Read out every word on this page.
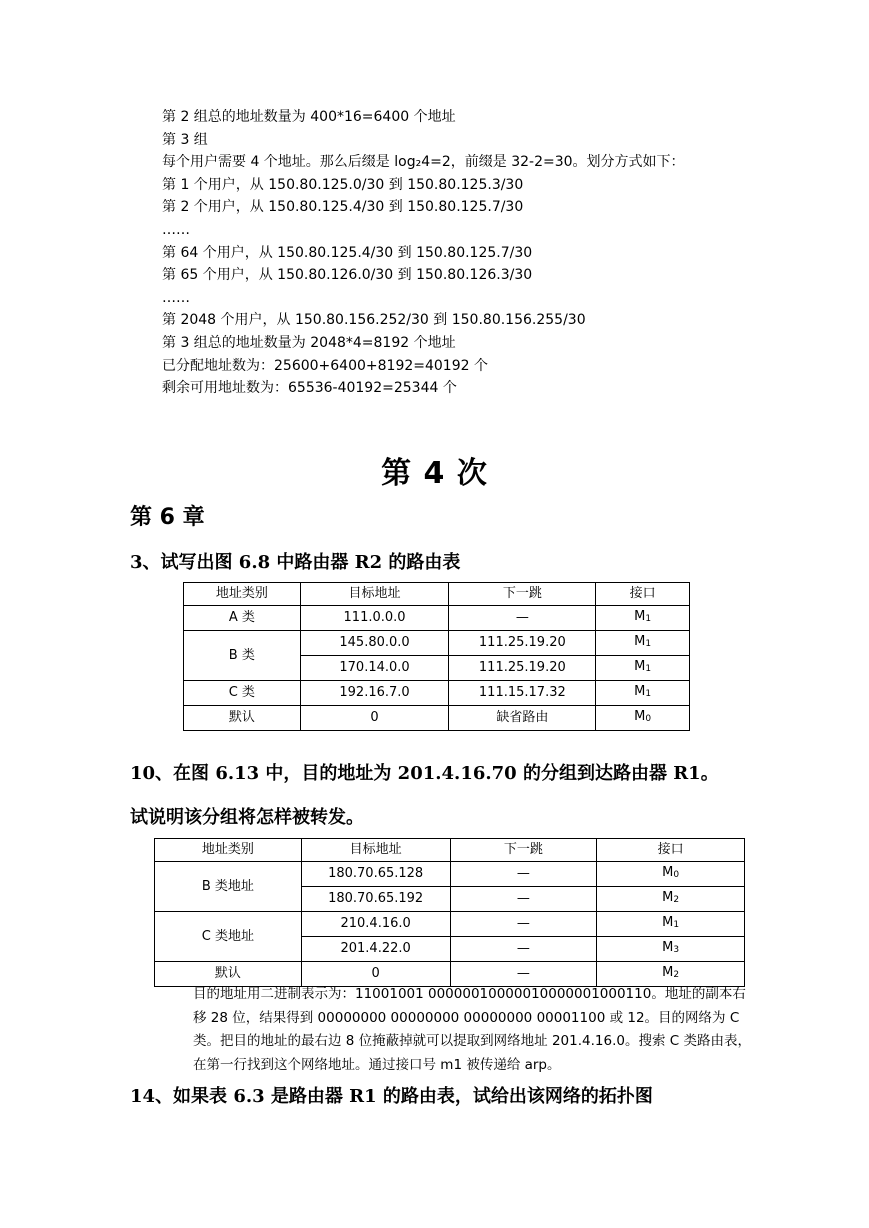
第 2 组总的地址数量为 400*16=6400 个地址
第 3 组
每个用户需要 4 个地址。那么后缀是 log₂4=2，前缀是 32-2=30。划分方式如下：
第 1 个用户，从 150.80.125.0/30 到 150.80.125.3/30
第 2 个用户，从 150.80.125.4/30 到 150.80.125.7/30
……
第 64 个用户，从 150.80.125.4/30 到 150.80.125.7/30
第 65 个用户，从 150.80.126.0/30 到 150.80.126.3/30
……
第 2048 个用户，从 150.80.156.252/30 到 150.80.156.255/30
第 3 组总的地址数量为 2048*4=8192 个地址
已分配地址数为：25600+6400+8192=40192 个
剩余可用地址数为：65536-40192=25344 个
第 4 次
第 6 章
3、试写出图 6.8 中路由器 R2 的路由表
地址类别	目标地址	下一跳	接口
A 类	111.0.0.0	—	M1
B 类	145.80.0.0	111.25.19.20	M1
	170.14.0.0	111.25.19.20	M1
C 类	192.16.7.0	111.15.17.32	M1
默认	0	缺省路由	M0
10、在图 6.13 中，目的地址为 201.4.16.70 的分组到达路由器 R1。
试说明该分组将怎样被转发。
地址类别	目标地址	下一跳	接口
B 类地址	180.70.65.128	—	M0
	180.70.65.192	—	M2
C 类地址	210.4.16.0	—	M1
	201.4.22.0	—	M3
默认	0	—	M2
目的地址用二进制表示为：11001001 00000010000010000001000110。地址的副本右移 28 位，结果得到 00000000 00000000 00000000 00001100 或 12。目的网络为 C 类。把目的地址的最右边 8 位掩蔽掉就可以提取到网络地址 201.4.16.0。搜索 C 类路由表，在第一行找到这个网络地址。通过接口号 m1 被传递给 arp。
14、如果表 6.3 是路由器 R1 的路由表，试给出该网络的拓扑图
